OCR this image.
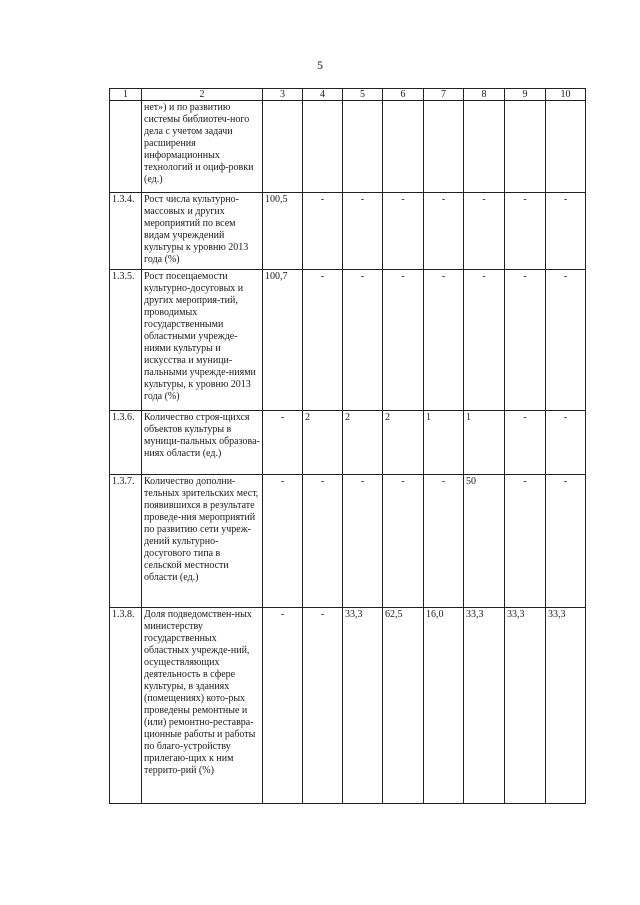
5
1	2	3	4	5	6	7	8	9	10
	нет») и по развитию системы библиотеч-ного дела с учетом задачи расширения информационных технологий и оциф-ровки (ед.)								
1.3.4.	Рост числа культурно-массовых и других мероприятий по всем видам учреждений культуры к уровню 2013 года (%)	100,5	-	-	-	-	-	-	-
1.3.5.	Рост посещаемости культурно-досуговых и других мероприя-тий, проводимых государственными областными учрежде-ниями культуры и искусства и муници-пальными учрежде-ниями культуры, к уровню 2013 года (%)	100,7	-	-	-	-	-	-	-
1.3.6.	Количество строя-щихся объектов культуры в муници-пальных образова-ниях области (ед.)	-	2	2	2	1	1	-	-
1.3.7.	Количество дополни-тельных зрительских мест, появившихся в результате проведе-ния мероприятий по развитию сети учреж-дений культурно-досугового типа в сельской местности области (ед.)	-	-	-	-	-	50	-	-
1.3.8.	Доля подведомствен-ных министерству государственных областных учрежде-ний, осуществляющих деятельность в сфере культуры, в зданиях (помещениях) кото-рых проведены ремонтные и (или) ремонтно-реставра-ционные работы и работы по благо-устройству прилегаю-щих к ним террито-рий (%)	-	-	33,3	62,5	16,0	33,3	33,3	33,3
